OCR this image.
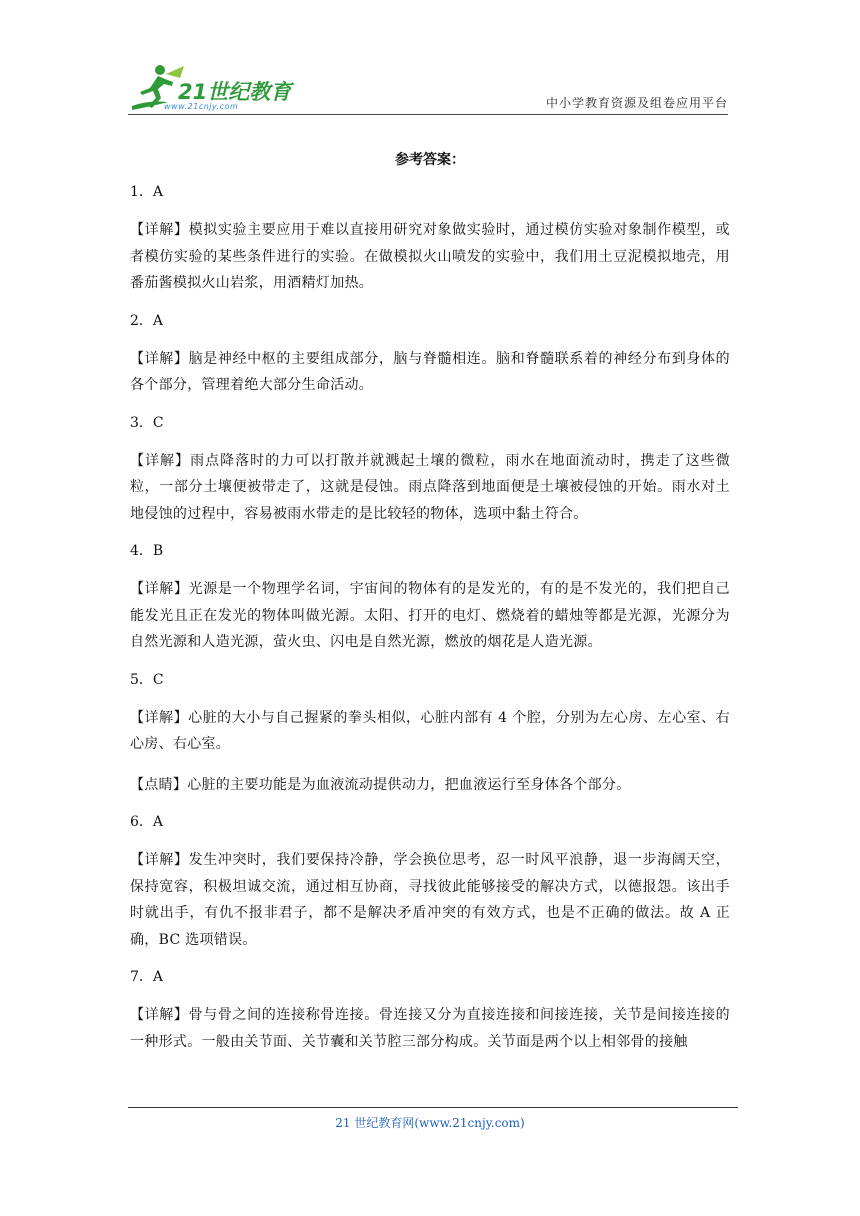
21世纪教育
www.21cnjy.com	中小学教育资源及组卷应用平台
参考答案：
1．A
【详解】模拟实验主要应用于难以直接用研究对象做实验时，通过模仿实验对象制作模型，或者模仿实验的某些条件进行的实验。在做模拟火山喷发的实验中，我们用土豆泥模拟地壳，用番茄酱模拟火山岩浆，用酒精灯加热。
2．A
【详解】脑是神经中枢的主要组成部分，脑与脊髓相连。脑和脊髓联系着的神经分布到身体的各个部分，管理着绝大部分生命活动。
3．C
【详解】雨点降落时的力可以打散并就溅起土壤的微粒，雨水在地面流动时，携走了这些微粒，一部分土壤便被带走了，这就是侵蚀。雨点降落到地面便是土壤被侵蚀的开始。雨水对土地侵蚀的过程中，容易被雨水带走的是比较轻的物体，选项中黏土符合。
4．B
【详解】光源是一个物理学名词，宇宙间的物体有的是发光的，有的是不发光的，我们把自己能发光且正在发光的物体叫做光源。太阳、打开的电灯、燃烧着的蜡烛等都是光源，光源分为自然光源和人造光源，萤火虫、闪电是自然光源，燃放的烟花是人造光源。
5．C
【详解】心脏的大小与自己握紧的拳头相似，心脏内部有 4 个腔，分别为左心房、左心室、右心房、右心室。
【点睛】心脏的主要功能是为血液流动提供动力，把血液运行至身体各个部分。
6．A
【详解】发生冲突时，我们要保持冷静，学会换位思考，忍一时风平浪静，退一步海阔天空，保持宽容，积极坦诚交流，通过相互协商，寻找彼此能够接受的解决方式，以德报怨。该出手时就出手，有仇不报非君子，都不是解决矛盾冲突的有效方式，也是不正确的做法。故 A 正确，BC 选项错误。
7．A
【详解】骨与骨之间的连接称骨连接。骨连接又分为直接连接和间接连接，关节是间接连接的一种形式。一般由关节面、关节囊和关节腔三部分构成。关节面是两个以上相邻骨的接触
21 世纪教育网(www.21cnjy.com)
